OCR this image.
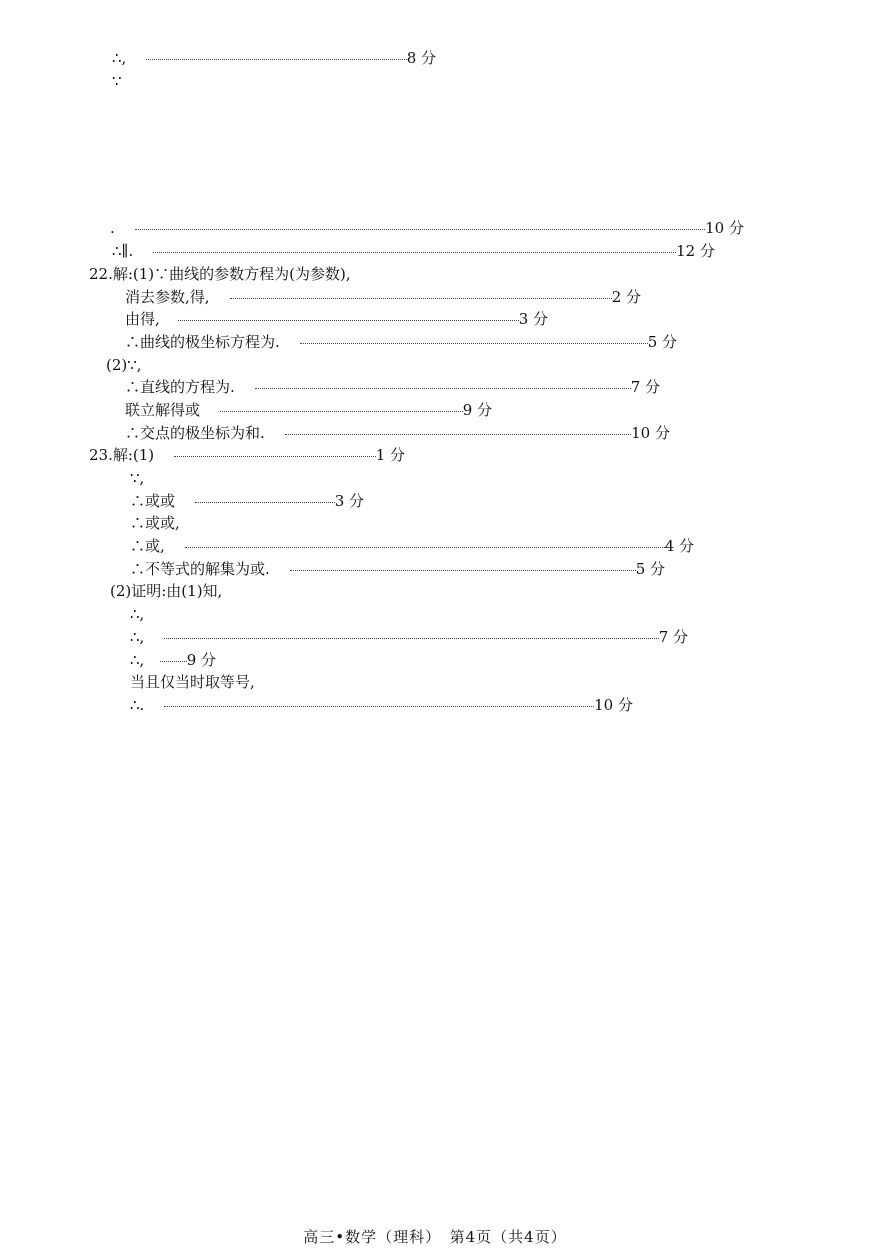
∴,	8 分
∵
.	10 分
∴∥.	12 分
22.解:(1)∵曲线的参数方程为(为参数),
消去参数,得,	2 分
由得,	3 分
∴曲线的极坐标方程为.	5 分
(2)∵,
∴直线的方程为.	7 分
联立解得或	9 分
∴交点的极坐标为和.	10 分
23.解:(1)	1 分
∵,
∴或或	3 分
∴或或,
∴或,	4 分
∴不等式的解集为或.	5 分
(2)证明:由(1)知,
∴,
∴,	7 分
∴,	9 分
当且仅当时取等号,
∴.	10 分
高三•数学（理科）　第4页（共4页）
